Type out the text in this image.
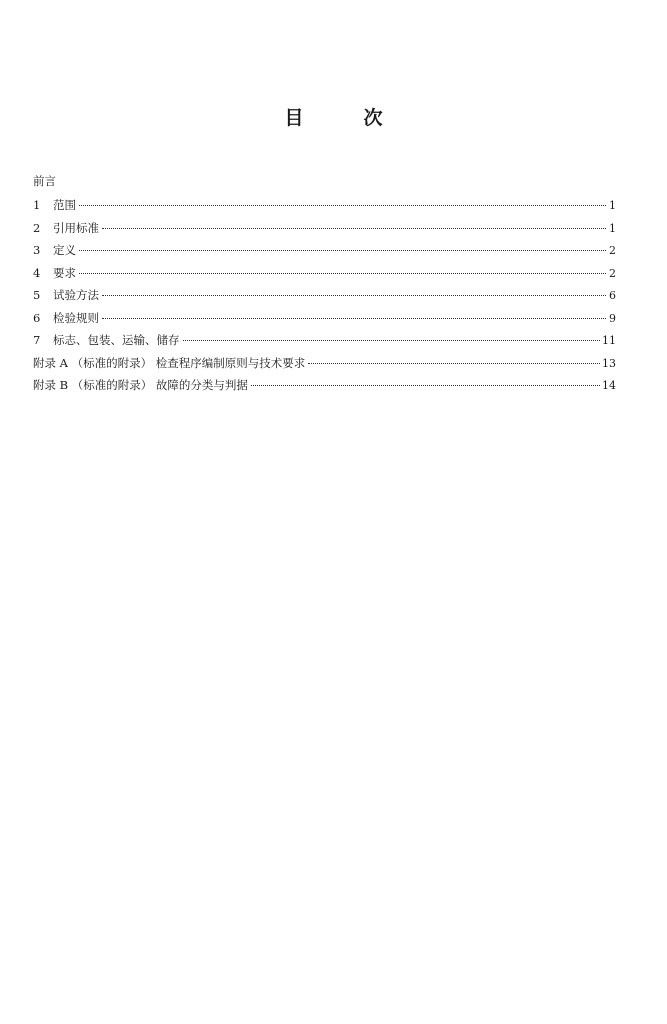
目	次
前言
1	范围	1
2	引用标准	1
3	定义	2
4	要求	2
5	试验方法	6
6	检验规则	9
7	标志、包装、运输、储存	11
附录 A （标准的附录） 检查程序编制原则与技术要求	13
附录 B （标准的附录） 故障的分类与判据	14
